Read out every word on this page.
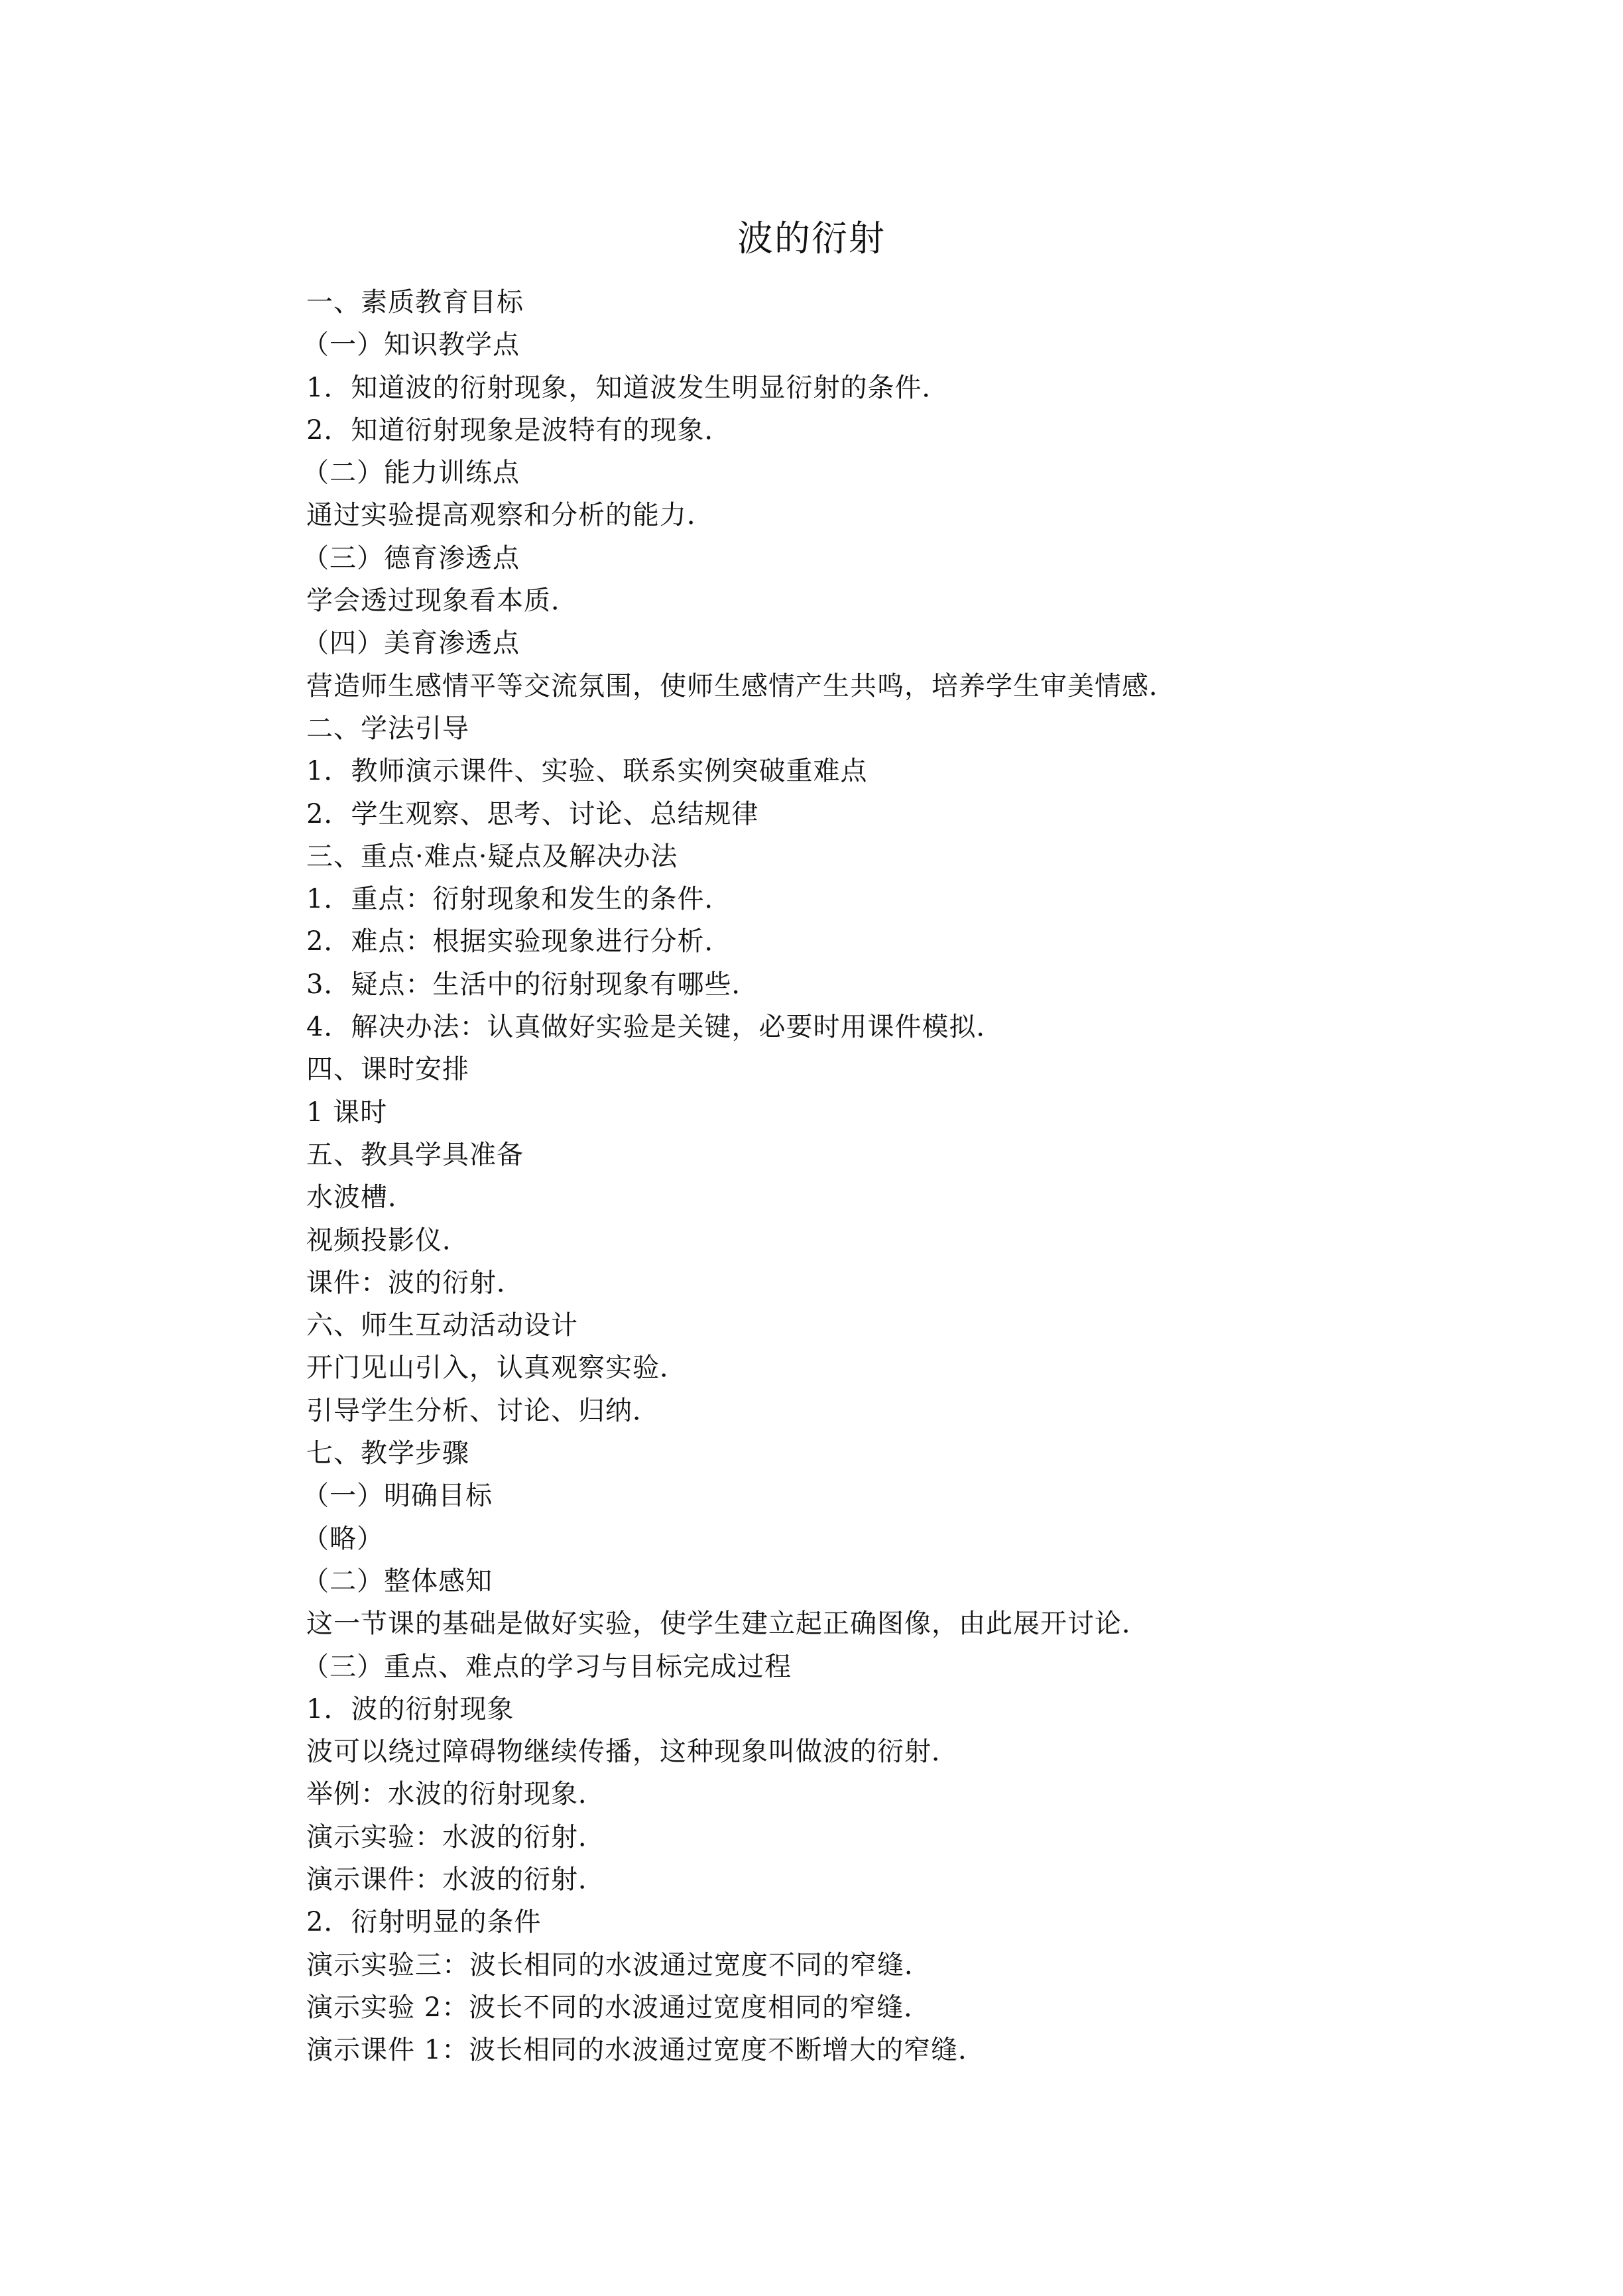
波的衍射
一、素质教育目标
（一）知识教学点
1．知道波的衍射现象，知道波发生明显衍射的条件．
2．知道衍射现象是波特有的现象．
（二）能力训练点
通过实验提高观察和分析的能力．
（三）德育渗透点
学会透过现象看本质．
（四）美育渗透点
营造师生感情平等交流氛围，使师生感情产生共鸣，培养学生审美情感．
二、学法引导
1．教师演示课件、实验、联系实例突破重难点
2．学生观察、思考、讨论、总结规律
三、重点·难点·疑点及解决办法
1．重点：衍射现象和发生的条件．
2．难点：根据实验现象进行分析．
3．疑点：生活中的衍射现象有哪些．
4．解决办法：认真做好实验是关键，必要时用课件模拟．
四、课时安排
1 课时
五、教具学具准备
水波槽．
视频投影仪．
课件：波的衍射．
六、师生互动活动设计
开门见山引入，认真观察实验．
引导学生分析、讨论、归纳．
七、教学步骤
（一）明确目标
（略）
（二）整体感知
这一节课的基础是做好实验，使学生建立起正确图像，由此展开讨论．
（三）重点、难点的学习与目标完成过程
1．波的衍射现象
波可以绕过障碍物继续传播，这种现象叫做波的衍射．
举例：水波的衍射现象．
演示实验：水波的衍射．
演示课件：水波的衍射．
2．衍射明显的条件
演示实验三：波长相同的水波通过宽度不同的窄缝．
演示实验 2：波长不同的水波通过宽度相同的窄缝．
演示课件 1：波长相同的水波通过宽度不断增大的窄缝．
